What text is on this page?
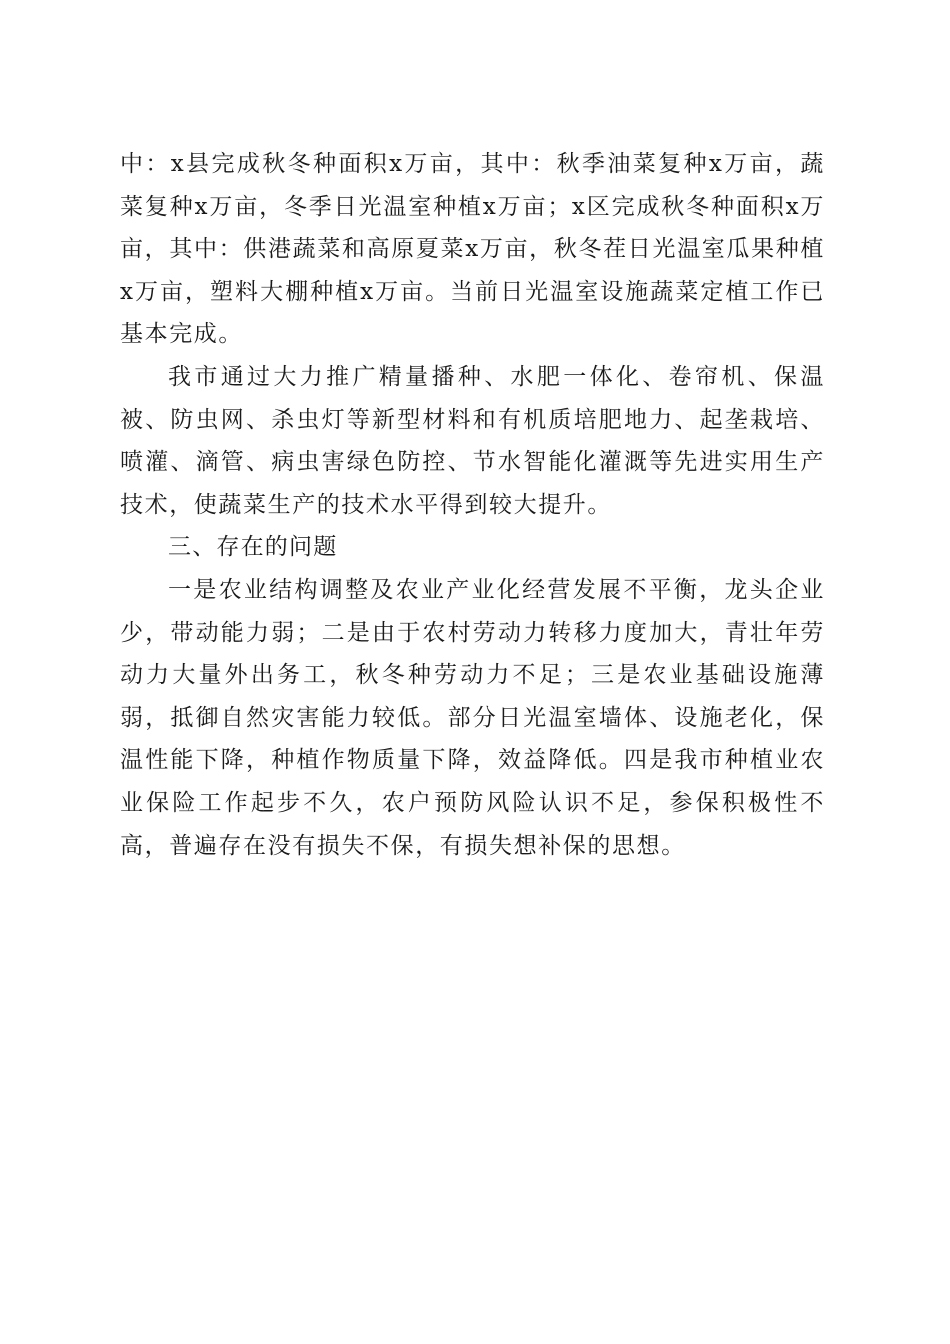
中：x县完成秋冬种面积x万亩，其中：秋季油菜复种x万亩，蔬菜复种x万亩，冬季日光温室种植x万亩；x区完成秋冬种面积x万亩，其中：供港蔬菜和高原夏菜x万亩，秋冬茬日光温室瓜果种植x万亩，塑料大棚种植x万亩。当前日光温室设施蔬菜定植工作已基本完成。

我市通过大力推广精量播种、水肥一体化、卷帘机、保温被、防虫网、杀虫灯等新型材料和有机质培肥地力、起垄栽培、喷灌、滴管、病虫害绿色防控、节水智能化灌溉等先进实用生产技术，使蔬菜生产的技术水平得到较大提升。

三、存在的问题

一是农业结构调整及农业产业化经营发展不平衡，龙头企业少，带动能力弱；二是由于农村劳动力转移力度加大，青壮年劳动力大量外出务工，秋冬种劳动力不足；三是农业基础设施薄弱，抵御自然灾害能力较低。部分日光温室墙体、设施老化，保温性能下降，种植作物质量下降，效益降低。四是我市种植业农业保险工作起步不久，农户预防风险认识不足，参保积极性不高，普遍存在没有损失不保，有损失想补保的思想。
